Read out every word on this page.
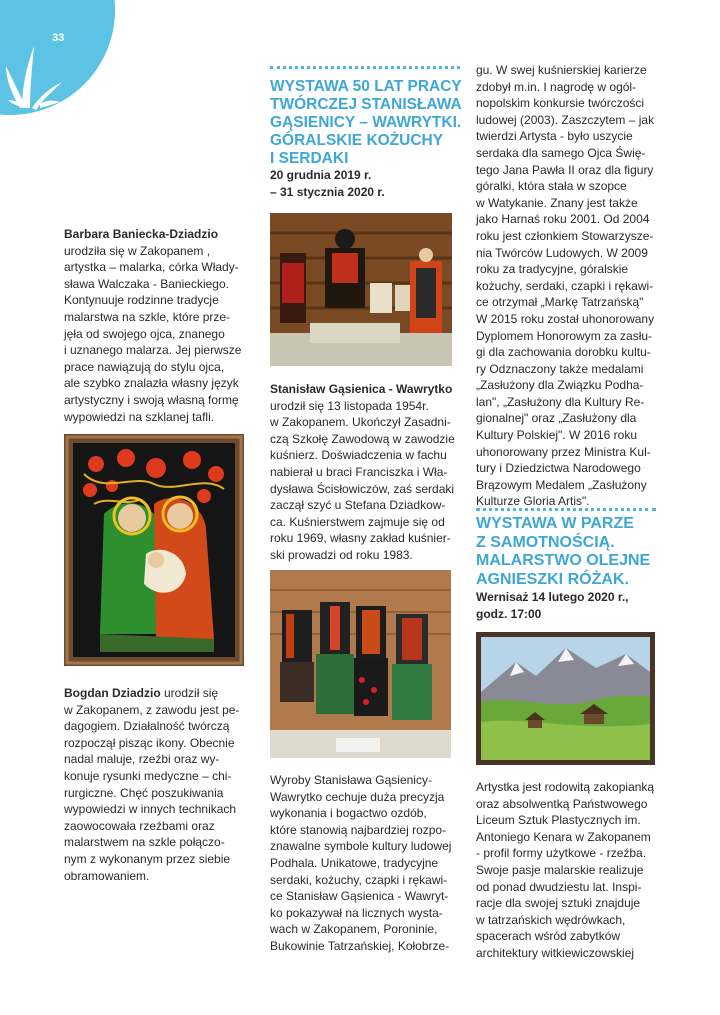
33

Barbara Baniecka-Dziadzio

urodziła się w Zakopanem ,

artystka – malarka, córka Włady-

sława Walczaka - Banieckiego.

Kontynuuje rodzinne tradycje

malarstwa na szkle, które prze-

jęła od swojego ojca, znanego

i uznanego malarza. Jej pierwsze

prace nawiązują do stylu ojca,

ale szybko znalazła własny język

artystyczny i swoją własną formę

wypowiedzi na szklanej tafli.

Bogdan Dziadzio urodził się

w Zakopanem, z zawodu jest pe-

dagogiem. Działalność twórczą

rozpoczął pisząc ikony. Obecnie

nadal maluje, rzeźbi oraz wy-

konuje rysunki medyczne – chi-

rurgiczne. Chęć poszukiwania

wypowiedzi w innych technikach

zaowocowała rzeźbami oraz

malarstwem na szkle połączo-

nym z wykonanym przez siebie

obramowaniem.

WYSTAWA 50 LAT PRACY
TWÓRCZEJ STANISŁAWA
GĄSIENICY – WAWRYTKI.
GÓRALSKIE KOŻUCHY
I SERDAKI
20 grudnia 2019 r.
– 31 stycznia 2020 r.

Stanisław Gąsienica - Wawrytko

urodził się 13 listopada 1954r.

w Zakopanem. Ukończył Zasadni-

czą Szkołę Zawodową w zawodzie

kuśnierz. Doświadczenia w fachu

nabierał u braci Franciszka i Wła-

dysława Ścisłowiczów, zaś serdaki

zaczął szyć u Stefana Dziadkow-

ca. Kuśnierstwem zajmuje się od

roku 1969, własny zakład kuśnier-

ski prowadzi od roku 1983.

Wyroby Stanisława Gąsienicy-

Wawrytko cechuje duża precyzja

wykonania i bogactwo ozdób,

które stanowią najbardziej rozpo-

znawalne symbole kultury ludowej

Podhala. Unikatowe, tradycyjne

serdaki, kożuchy, czapki i rękawi-

ce Stanisław Gąsienica - Wawryt-

ko pokazywał na licznych wysta-

wach w Zakopanem, Poroninie,

Bukowinie Tatrzańskiej, Kołobrze-

gu. W swej kuśnierskiej karierze

zdobył m.in. I nagrodę w ogól-

nopolskim konkursie twórczości

ludowej (2003). Zaszczytem – jak

twierdzi Artysta - było uszycie

serdaka dla samego Ojca Świę-

tego Jana Pawła II oraz dla figury

góralki, która stała w szopce

w Watykanie. Znany jest także

jako Harnaś roku 2001. Od 2004

roku jest członkiem Stowarzysze-

nia Twórców Ludowych. W 2009

roku za tradycyjne, góralskie

kożuchy, serdaki, czapki i rękawi-

ce otrzymał „Markę Tatrzańską"

W 2015 roku został uhonorowany

Dyplomem Honorowym za zasłu-

gi dla zachowania dorobku kultu-

ry Odznaczony także medalami

„Zasłużony dla Związku Podha-

lan", „Zasłużony dla Kultury Re-

gionalnej" oraz „Zasłużony dla

Kultury Polskiej". W 2016 roku

uhonorowany przez Ministra Kul-

tury i Dziedzictwa Narodowego

Brązowym Medalem „Zasłużony

Kulturze Gloria Artis".

WYSTAWA W PARZE
Z SAMOTNOŚCIĄ.
MALARSTWO OLEJNE
AGNIESZKI RÓŻAK.
Wernisaż 14 lutego 2020 r.,
godz. 17:00

Artystka jest rodowitą zakopianką

oraz absolwentką Państwowego

Liceum Sztuk Plastycznych im.

Antoniego Kenara w Zakopanem

- profil formy użytkowe - rzeźba.

Swoje pasje malarskie realizuje

od ponad dwudziestu lat. Inspi-

racje dla swojej sztuki znajduje

w tatrzańskich wędrówkach,

spacerach wśród zabytków

architektury witkiewiczowskiej
